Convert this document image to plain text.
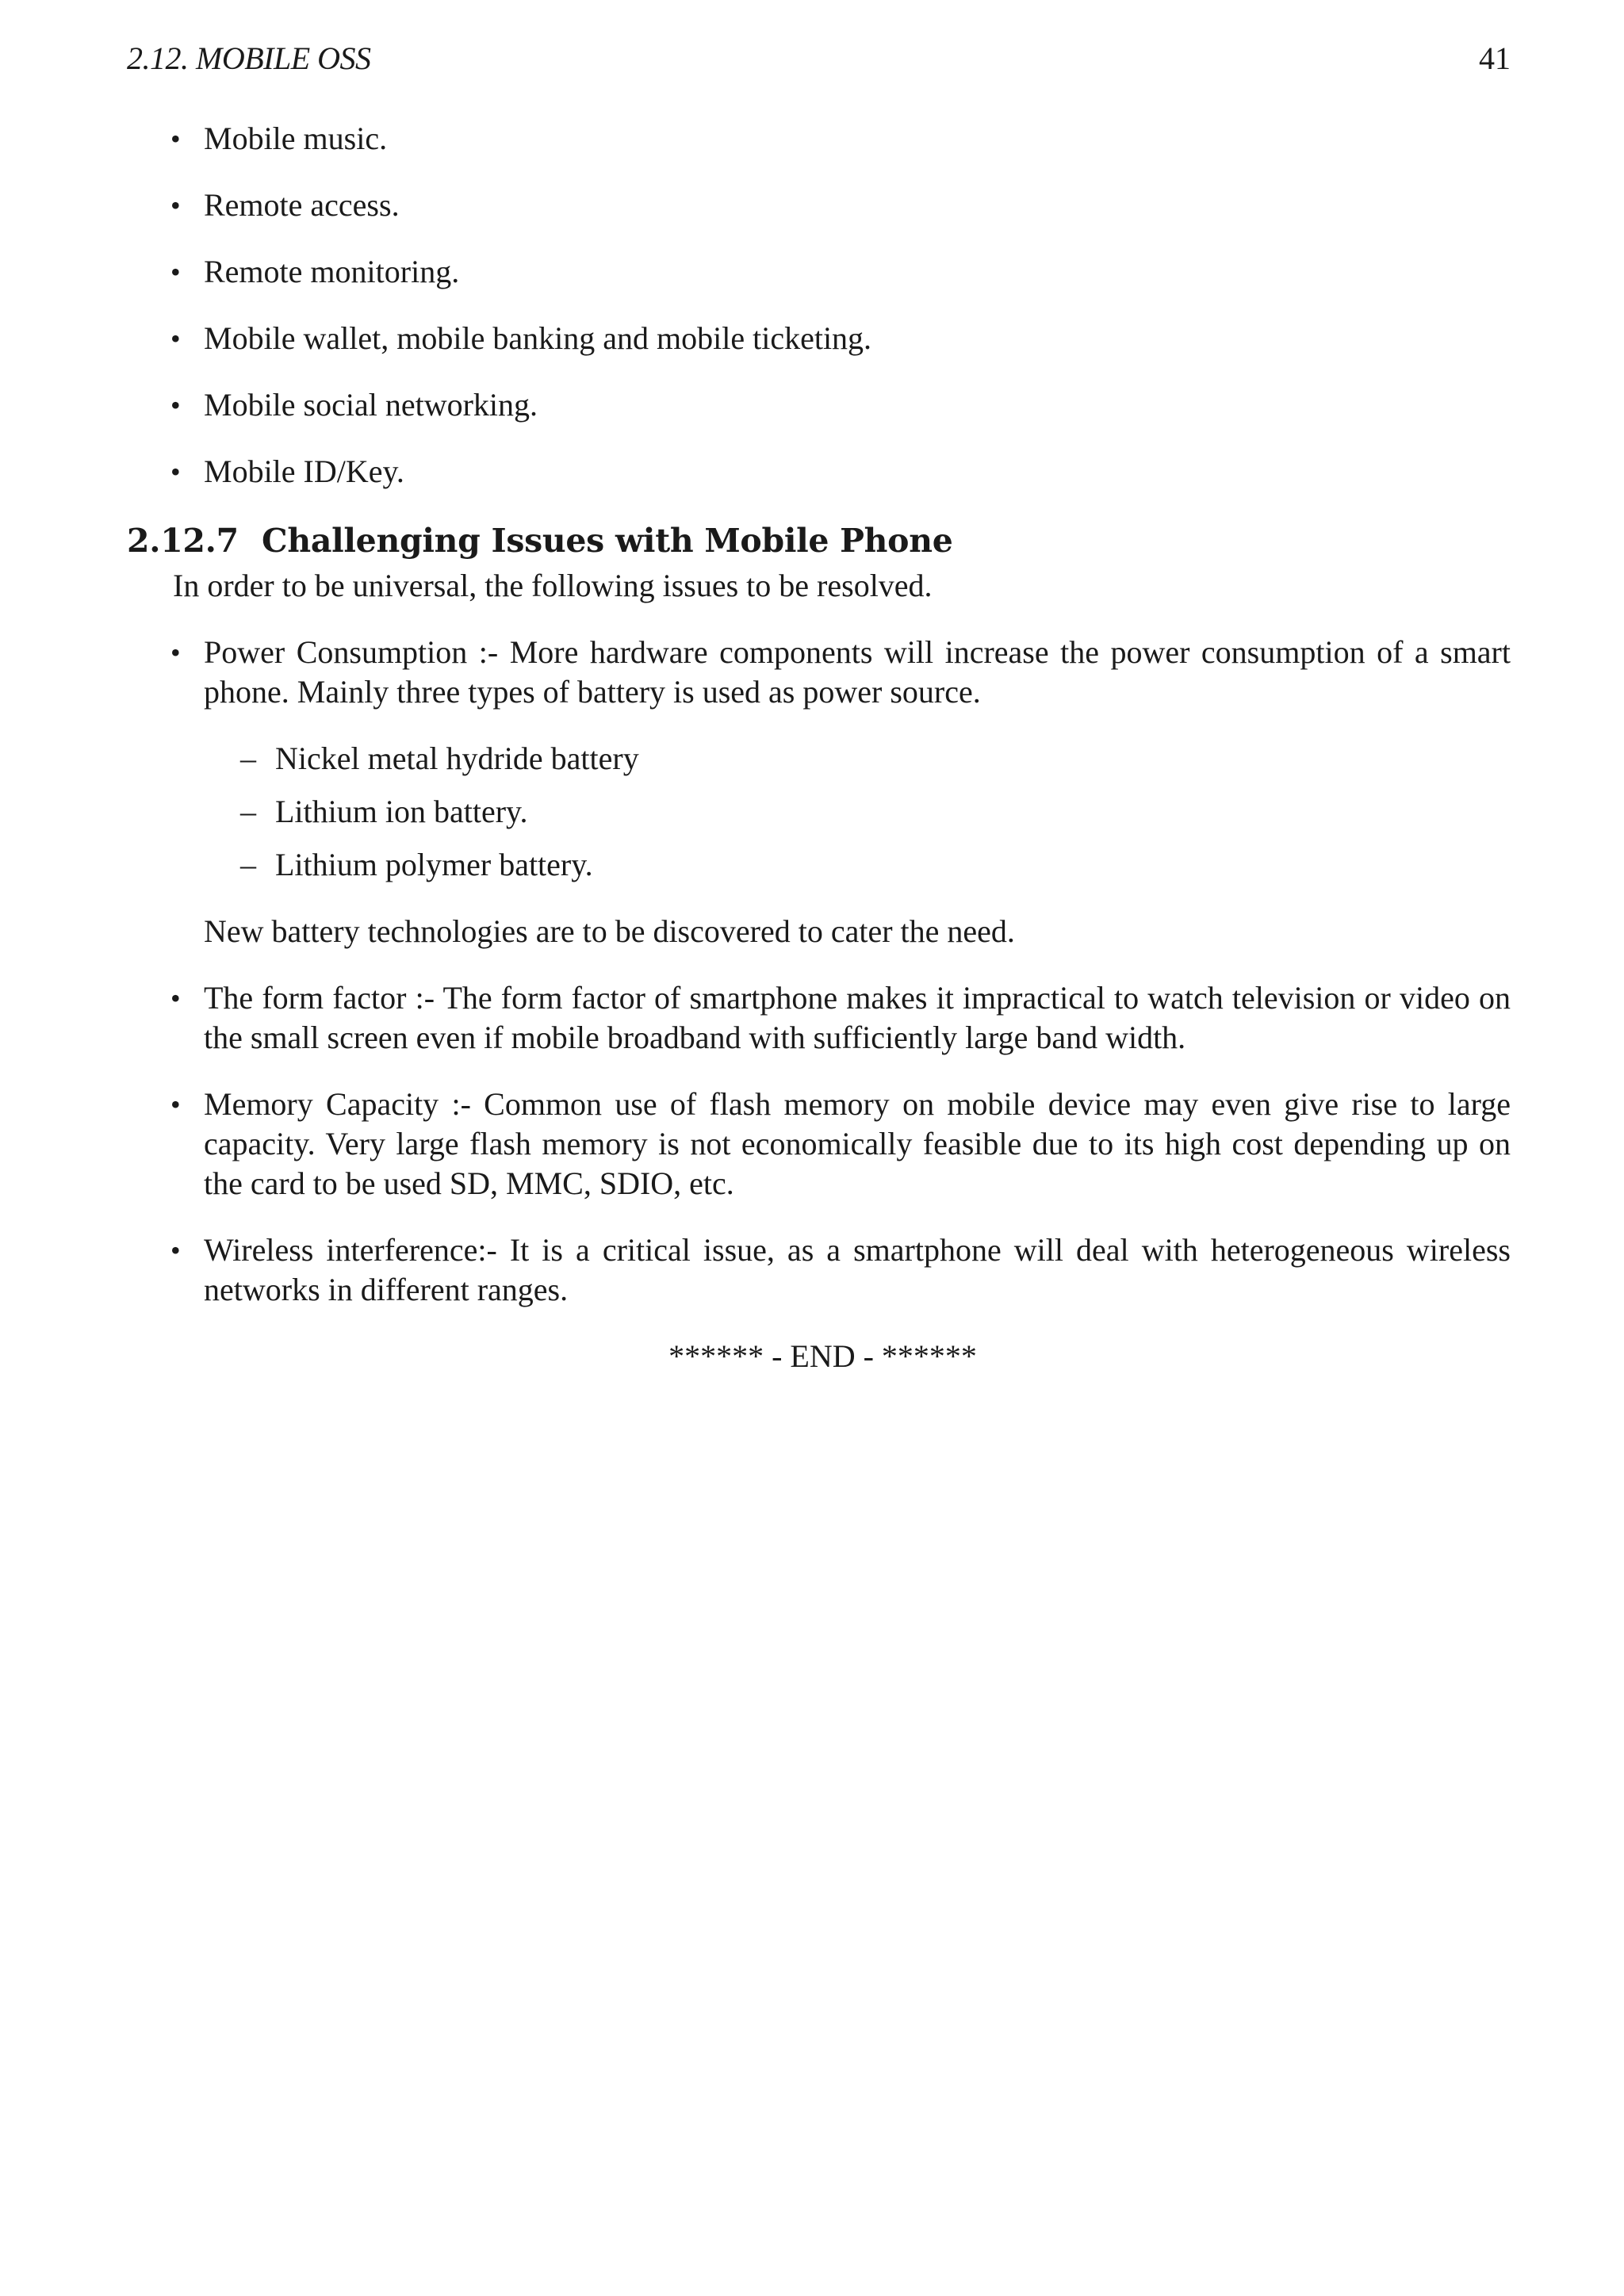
2.12. MOBILE OSS	41
• Mobile music.
• Remote access.
• Remote monitoring.
• Mobile wallet, mobile banking and mobile ticketing.
• Mobile social networking.
• Mobile ID/Key.
2.12.7 Challenging Issues with Mobile Phone
In order to be universal, the following issues to be resolved.
• Power Consumption :- More hardware components will increase the power consumption of a smart phone. Mainly three types of battery is used as power source.
– Nickel metal hydride battery
– Lithium ion battery.
– Lithium polymer battery.
New battery technologies are to be discovered to cater the need.
• The form factor :- The form factor of smartphone makes it impractical to watch television or video on the small screen even if mobile broadband with sufficiently large band width.
• Memory Capacity :- Common use of flash memory on mobile device may even give rise to large capacity. Very large flash memory is not economically feasible due to its high cost depending up on the card to be used SD, MMC, SDIO, etc.
• Wireless interference:- It is a critical issue, as a smartphone will deal with heterogeneous wireless networks in different ranges.
****** - END - ******
